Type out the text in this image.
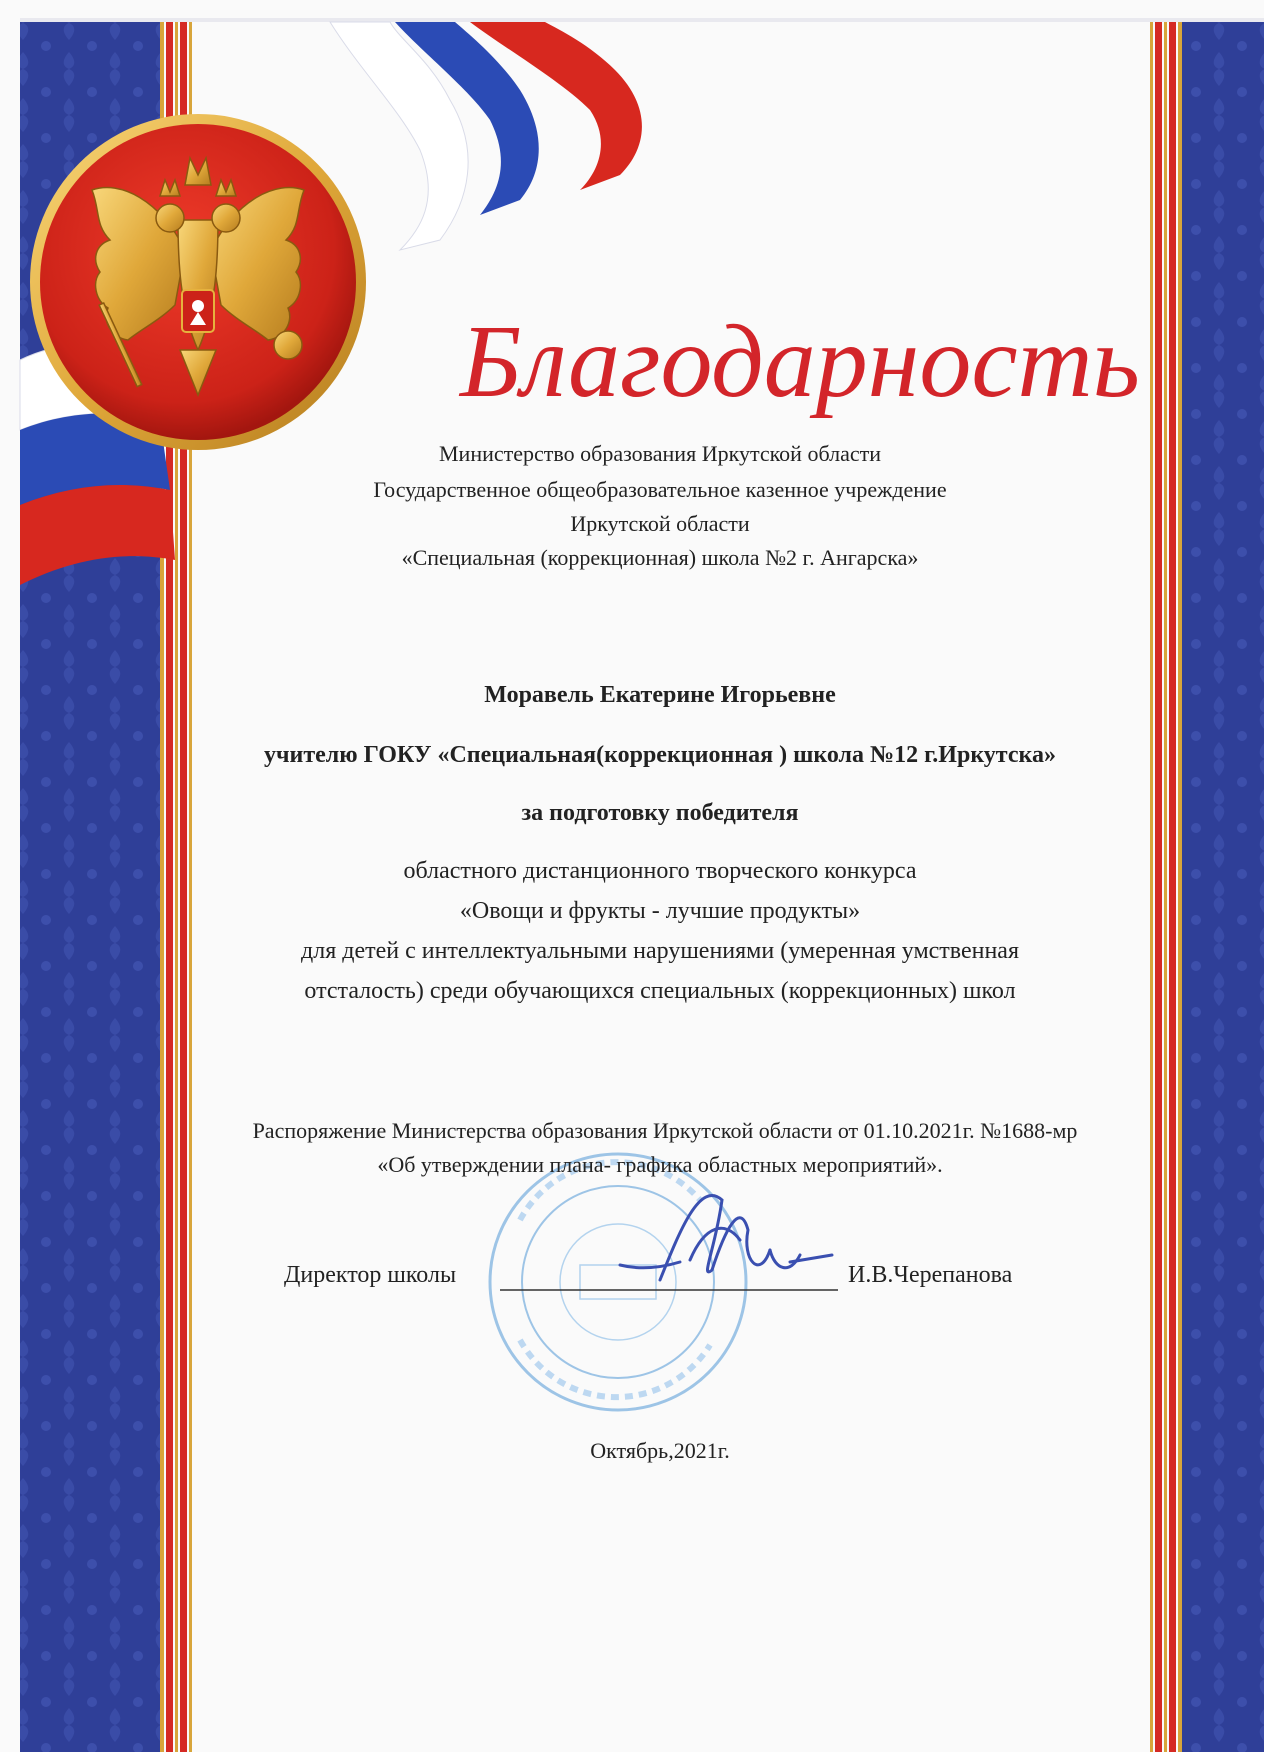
Благодарность

Министерство образования Иркутской области

Государственное общеобразовательное казенное учреждение

Иркутской области

«Специальная (коррекционная) школа №2 г. Ангарска»

Моравель Екатерине Игорьевне

учителю ГОКУ «Специальная(коррекционная ) школа №12 г.Иркутска»

за подготовку победителя

областного дистанционного творческого конкурса

«Овощи и фрукты - лучшие продукты»

для детей с интеллектуальными нарушениями (умеренная умственная

отсталость) среди обучающихся специальных (коррекционных) школ

Распоряжение Министерства образования Иркутской области от 01.10.2021г. №1688-мр

«Об утверждении плана- графика областных мероприятий».

Директор школы	И.В.Черепанова

Октябрь,2021г.
